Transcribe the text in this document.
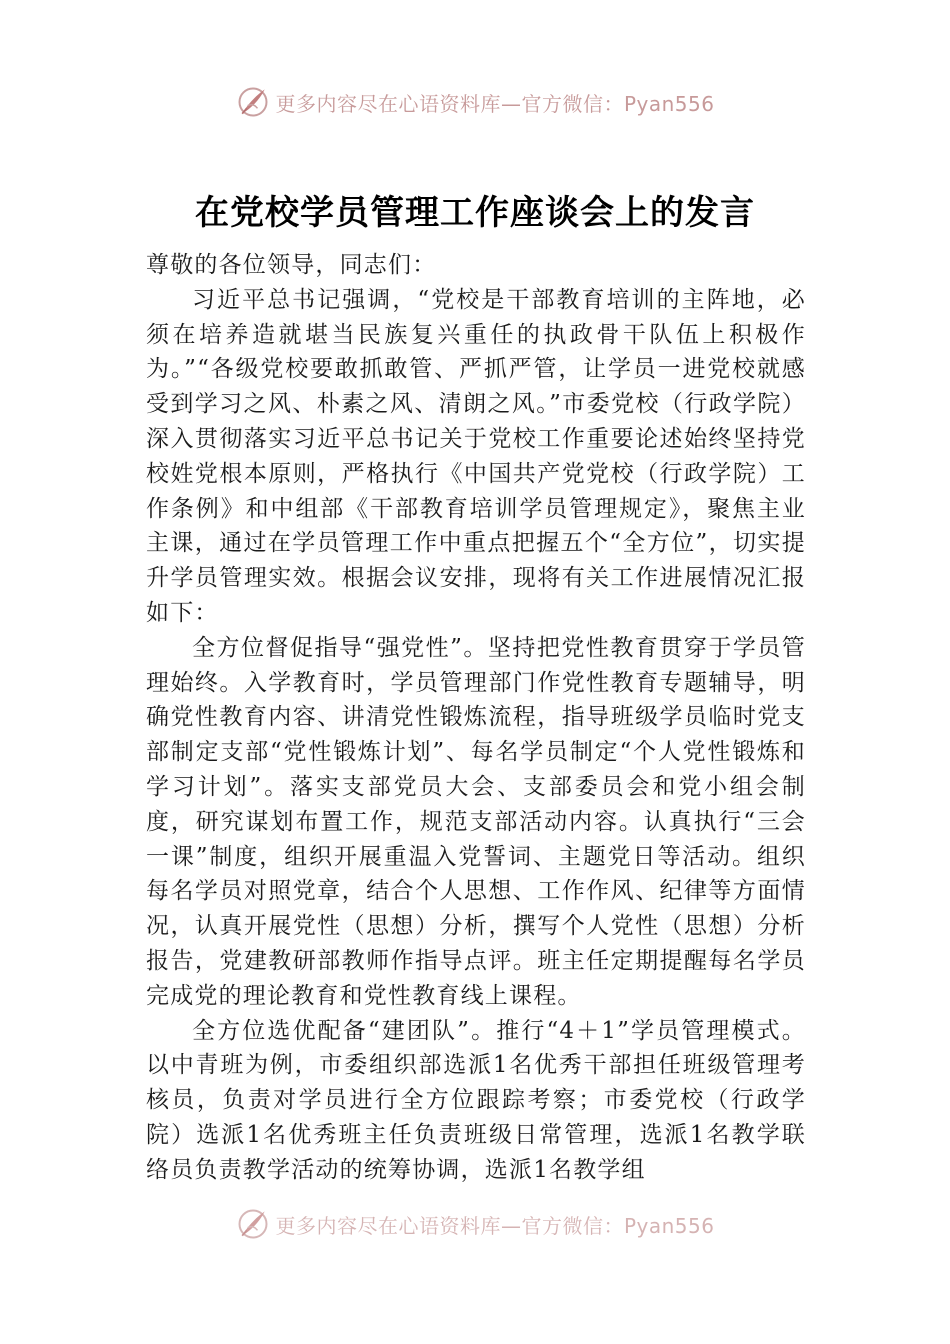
更多内容尽在心语资料库—官方微信：Pyan556
在党校学员管理工作座谈会上的发言

尊敬的各位领导，同志们：

习近平总书记强调，“党校是干部教育培训的主阵地，必须在培养造就堪当民族复兴重任的执政骨干队伍上积极作为。”“各级党校要敢抓敢管、严抓严管，让学员一进党校就感受到学习之风、朴素之风、清朗之风。”市委党校（行政学院）深入贯彻落实习近平总书记关于党校工作重要论述始终坚持党校姓党根本原则，严格执行《中国共产党党校（行政学院）工作条例》和中组部《干部教育培训学员管理规定》，聚焦主业主课，通过在学员管理工作中重点把握五个“全方位”，切实提升学员管理实效。根据会议安排，现将有关工作进展情况汇报如下：

全方位督促指导“强党性”。坚持把党性教育贯穿于学员管理始终。入学教育时，学员管理部门作党性教育专题辅导，明确党性教育内容、讲清党性锻炼流程，指导班级学员临时党支部制定支部“党性锻炼计划”、每名学员制定“个人党性锻炼和学习计划”。落实支部党员大会、支部委员会和党小组会制度，研究谋划布置工作，规范支部活动内容。认真执行“三会一课”制度，组织开展重温入党誓词、主题党日等活动。组织每名学员对照党章，结合个人思想、工作作风、纪律等方面情况，认真开展党性（思想）分析，撰写个人党性（思想）分析报告，党建教研部教师作指导点评。班主任定期提醒每名学员完成党的理论教育和党性教育线上课程。

全方位选优配备“建团队”。推行“4＋1”学员管理模式。以中青班为例，市委组织部选派1名优秀干部担任班级管理考核员，负责对学员进行全方位跟踪考察；市委党校（行政学院）选派1名优秀班主任负责班级日常管理，选派1名教学联络员负责教学活动的统筹协调，选派1名教学组

更多内容尽在心语资料库—官方微信：Pyan556
